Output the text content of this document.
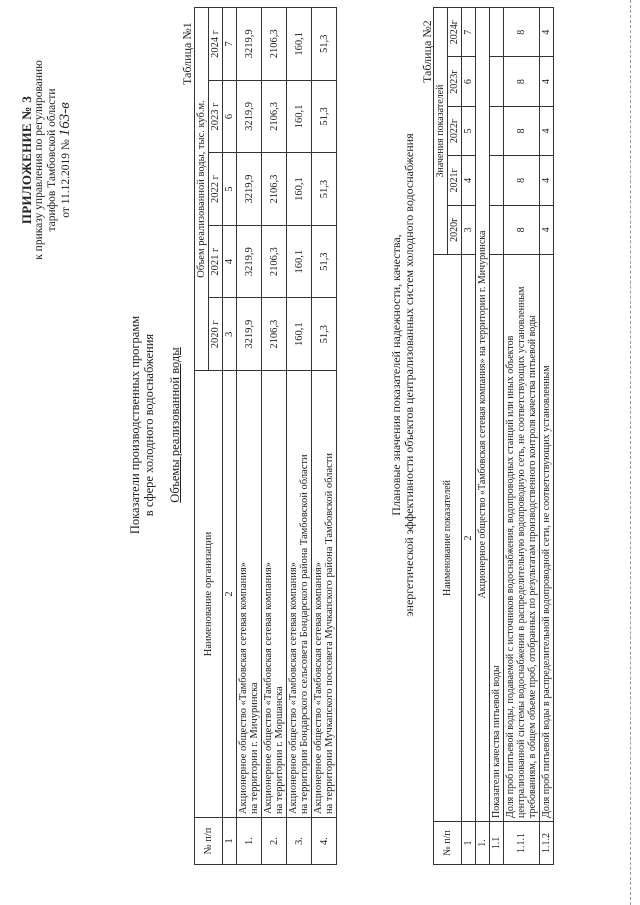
ПРИЛОЖЕНИЕ № 3 к приказу управления по регулированию тарифов Тамбовской области от 11.12.2019 № 163-в
Показатели производственных программ в сфере холодного водоснабжения Объемы реализованной воды
Таблица №1
№ п/п	Наименование организации	Объем реализованной воды, тыс. куб.м.				
		2020 г	2021 г	2022 г	2023 г	2024 г
1	2	3	4	5	6	7
1.	Акционерное общество «Тамбовская сетевая компания» на территории г. Мичуринска	3219,9	3219,9	3219,9	3219,9	3219,9
2.	Акционерное общество «Тамбовская сетевая компания» на территории г. Моршанска	2106,3	2106,3	2106,3	2106,3	2106,3
3.	Акционерное общество «Тамбовская сетевая компания» на территории Бондарского сельсовета Бондарского района Тамбовской области	160,1	160,1	160,1	160,1	160,1
4.	Акционерное общество «Тамбовская сетевая компания» на территории Мучкапского поссовета Мучкапского района Тамбовской области	51,3	51,3	51,3	51,3	51,3
Плановые значения показателей надежности, качества, энергетической эффективности объектов централизованных систем холодного водоснабжения
Таблица №2
№ п/п	Наименование показателей	Значения показателей				
		2020г	2021г	2022г	2023г	2024г
1	2	3	4	5	6	7
1.	Акционерное общество «Тамбовская сетевая компания» на территории г. Мичуринска					
1.1	Показатели качества питьевой воды					
1.1.1	Доля проб питьевой воды, подаваемой с источников водоснабжения, водопроводных станций или иных объектов централизованной системы водоснабжения в распределительную водопроводную сеть, не соответствующих установленным требованиям, в общем объеме проб, отобранных по результатам производственного контроля качества питьевой воды	8	8	8	8	8
1.1.2	Доля проб питьевой воды в распределительной водопроводной сети, не соответствующих установленным	4	4	4	4	4
